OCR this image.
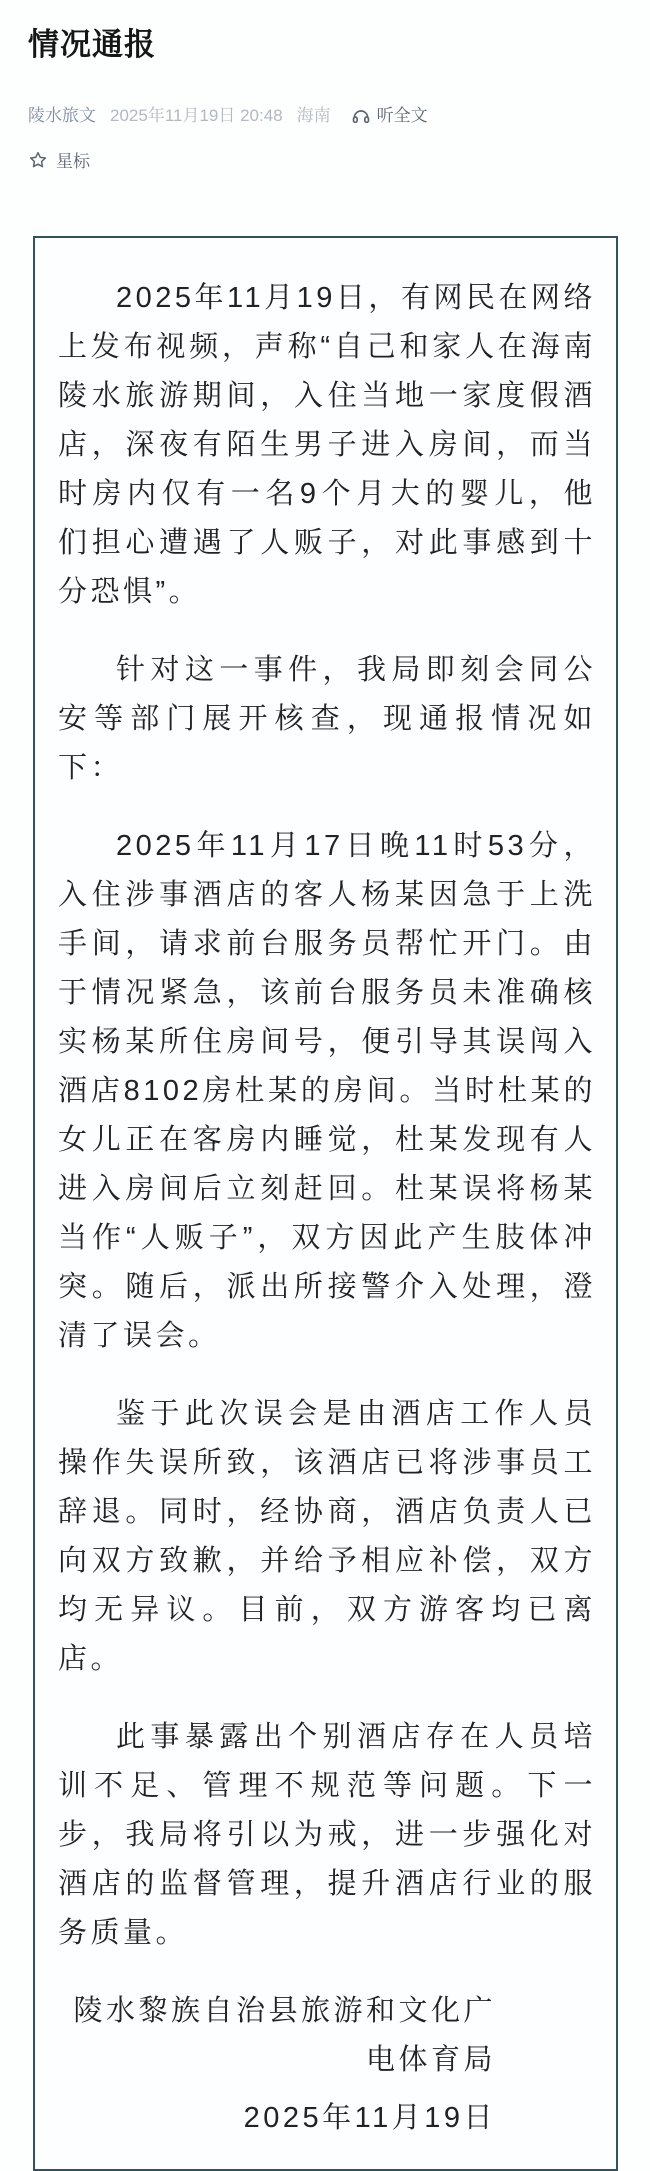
情况通报
陵水旅文 2025年11月19日 20:48 海南	听全文
星标

2025年11月19日，有网民在网络上发布视频，声称“自己和家人在海南陵水旅游期间，入住当地一家度假酒店，深夜有陌生男子进入房间，而当时房内仅有一名9个月大的婴儿，他们担心遭遇了人贩子，对此事感到十分恐惧”。

针对这一事件，我局即刻会同公安等部门展开核查，现通报情况如下：

2025年11月17日晚11时53分，入住涉事酒店的客人杨某因急于上洗手间，请求前台服务员帮忙开门。由于情况紧急，该前台服务员未准确核实杨某所住房间号，便引导其误闯入酒店8102房杜某的房间。当时杜某的女儿正在客房内睡觉，杜某发现有人进入房间后立刻赶回。杜某误将杨某当作“人贩子”，双方因此产生肢体冲突。随后，派出所接警介入处理，澄清了误会。

鉴于此次误会是由酒店工作人员操作失误所致，该酒店已将涉事员工辞退。同时，经协商，酒店负责人已向双方致歉，并给予相应补偿，双方均无异议。目前，双方游客均已离店。

此事暴露出个别酒店存在人员培训不足、管理不规范等问题。下一步，我局将引以为戒，进一步强化对酒店的监督管理，提升酒店行业的服务质量。

陵水黎族自治县旅游和文化广电体育局
2025年11月19日
